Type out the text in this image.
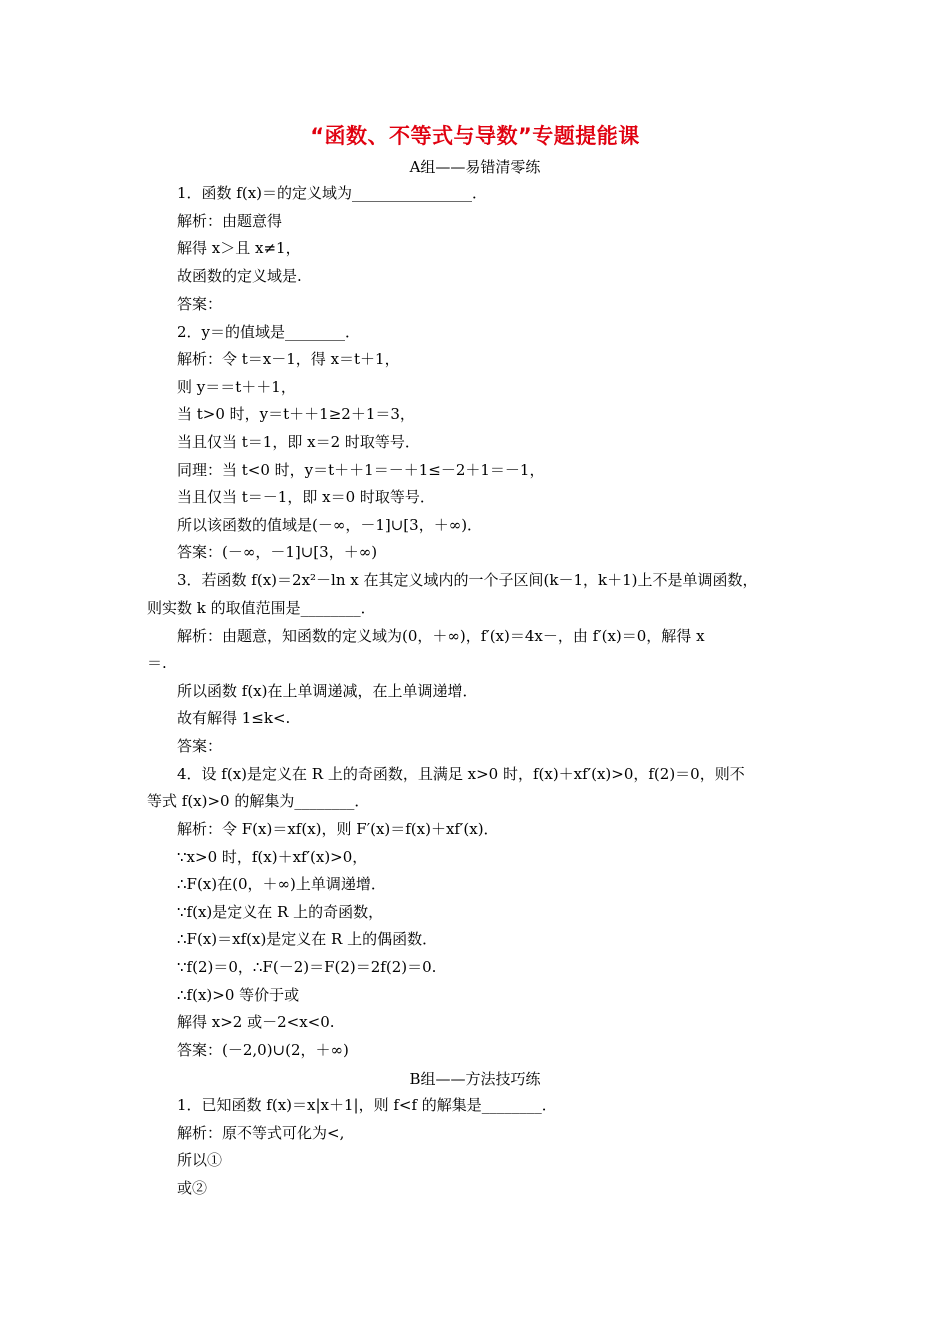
“函数、不等式与导数”专题提能课
A组——易错清零练
1．函数 f(x)＝的定义域为________________．
解析：由题意得
解得 x＞且 x≠1，
故函数的定义域是.
答案：
2．y＝的值域是________．
解析：令 t＝x－1，得 x＝t＋1，
则 y＝＝t＋＋1，
当 t>0 时，y＝t＋＋1≥2＋1＝3，
当且仅当 t＝1，即 x＝2 时取等号．
同理：当 t<0 时，y＝t＋＋1＝－＋1≤－2＋1＝－1，
当且仅当 t＝－1，即 x＝0 时取等号．
所以该函数的值域是(－∞，－1]∪[3，＋∞)．
答案：(－∞，－1]∪[3，＋∞)
3．若函数 f(x)＝2x²－ln x 在其定义域内的一个子区间(k－1，k＋1)上不是单调函数，
则实数 k 的取值范围是________．
解析：由题意，知函数的定义域为(0，＋∞)，f′(x)＝4x－，由 f′(x)＝0，解得 x
＝.
所以函数 f(x)在上单调递减，在上单调递增．
故有解得 1≤k<.
答案：
4．设 f(x)是定义在 R 上的奇函数，且满足 x>0 时，f(x)＋xf′(x)>0，f(2)＝0，则不
等式 f(x)>0 的解集为________．
解析：令 F(x)＝xf(x)，则 F′(x)＝f(x)＋xf′(x)．
∵x>0 时，f(x)＋xf′(x)>0，
∴F(x)在(0，＋∞)上单调递增．
∵f(x)是定义在 R 上的奇函数，
∴F(x)＝xf(x)是定义在 R 上的偶函数．
∵f(2)＝0，∴F(－2)＝F(2)＝2f(2)＝0.
∴f(x)>0 等价于或
解得 x>2 或－2<x<0.
答案：(－2,0)∪(2，＋∞)
B组——方法技巧练
1．已知函数 f(x)＝x|x＋1|，则 f<f 的解集是________．
解析：原不等式可化为<,
所以①
或②
